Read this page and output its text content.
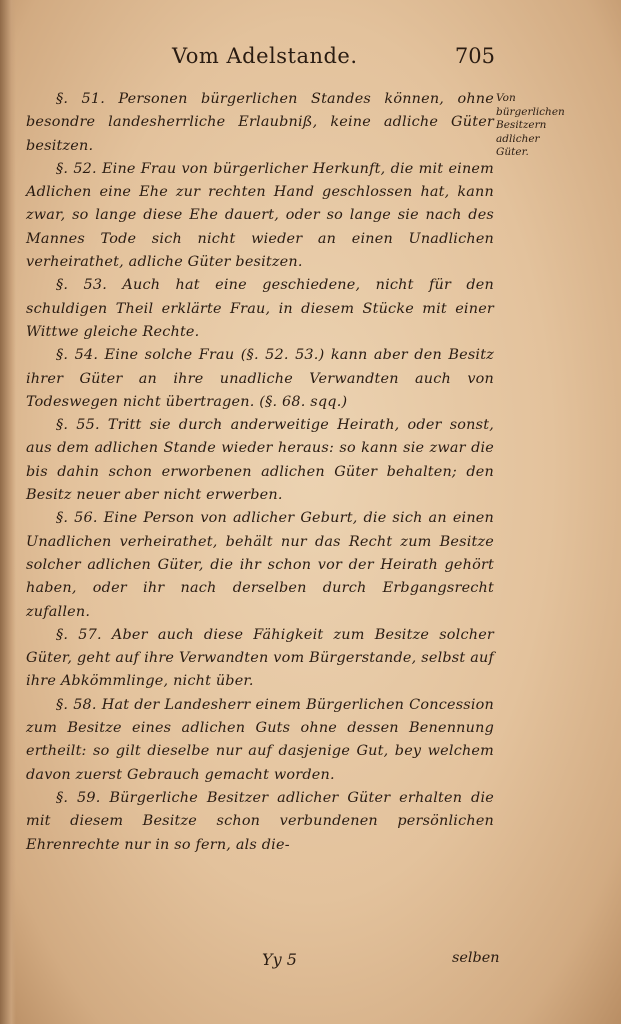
Vom Adelstande.	705
Von bürgerlichen Besitzern adlicher Güter.

§. 51. Personen bürgerlichen Standes können, ohne besondre landesherrliche Erlaubniß, keine adliche Güter besitzen.

§. 52. Eine Frau von bürgerlicher Herkunft, die mit einem Adlichen eine Ehe zur rechten Hand geschlossen hat, kann zwar, so lange diese Ehe dauert, oder so lange sie nach des Mannes Tode sich nicht wieder an einen Unadlichen verheirathet, adliche Güter besitzen.

§. 53. Auch hat eine geschiedene, nicht für den schuldigen Theil erklärte Frau, in diesem Stücke mit einer Wittwe gleiche Rechte.

§. 54. Eine solche Frau (§. 52. 53.) kann aber den Besitz ihrer Güter an ihre unadliche Verwandten auch von Todeswegen nicht übertragen. (§. 68. sqq.)

§. 55. Tritt sie durch anderweitige Heirath, oder sonst, aus dem adlichen Stande wieder heraus: so kann sie zwar die bis dahin schon erworbenen adlichen Güter behalten; den Besitz neuer aber nicht erwerben.

§. 56. Eine Person von adlicher Geburt, die sich an einen Unadlichen verheirathet, behält nur das Recht zum Besitze solcher adlichen Güter, die ihr schon vor der Heirath gehört haben, oder ihr nach derselben durch Erbgangsrecht zufallen.

§. 57. Aber auch diese Fähigkeit zum Besitze solcher Güter, geht auf ihre Verwandten vom Bürgerstande, selbst auf ihre Abkömmlinge, nicht über.

§. 58. Hat der Landesherr einem Bürgerlichen Concession zum Besitze eines adlichen Guts ohne dessen Benennung ertheilt: so gilt dieselbe nur auf dasjenige Gut, bey welchem davon zuerst Gebrauch gemacht worden.

§. 59. Bürgerliche Besitzer adlicher Güter erhalten die mit diesem Besitze schon verbundenen persönlichen Ehrenrechte nur in so fern, als die-

Yy 5	selben
